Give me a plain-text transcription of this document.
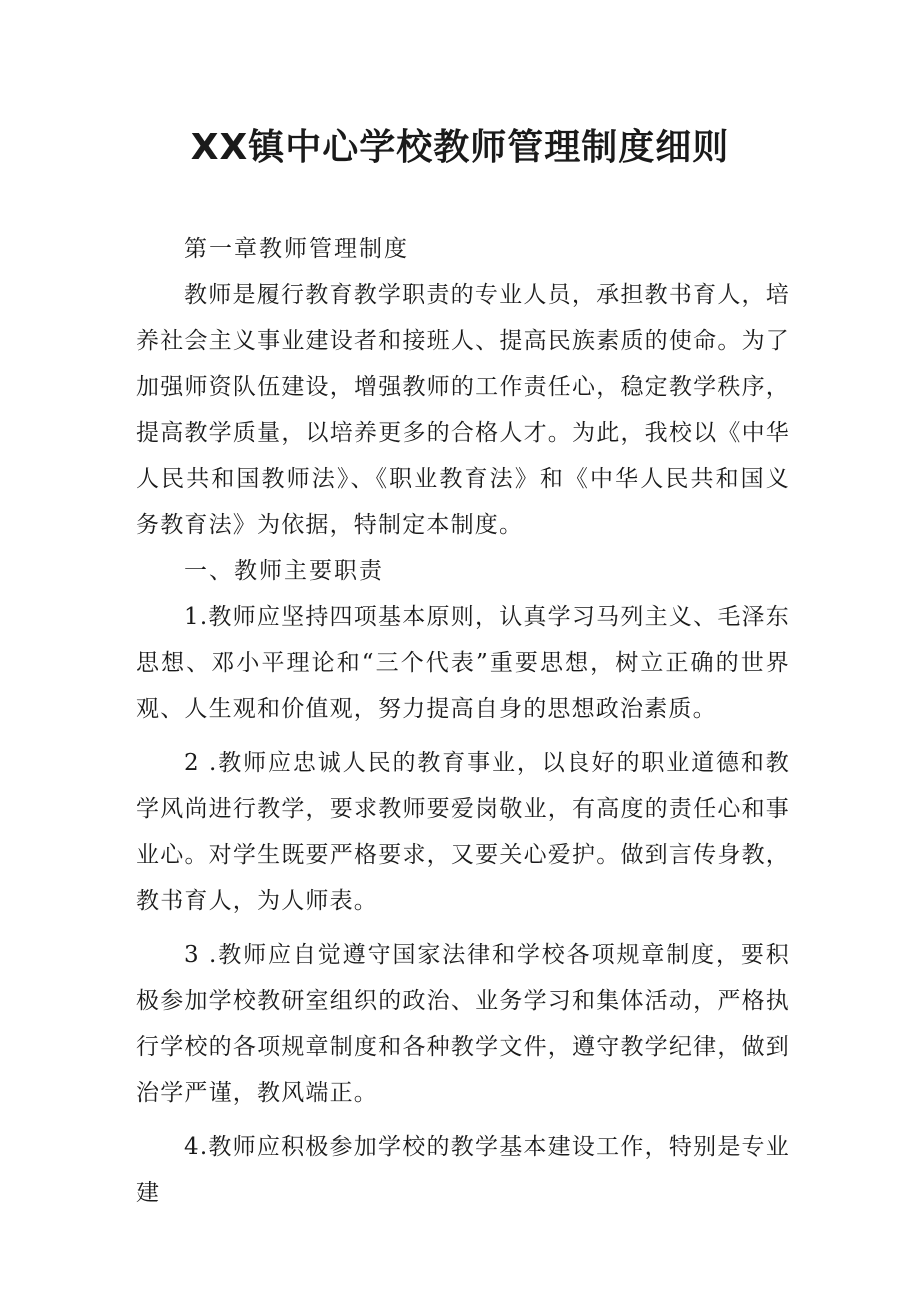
XX镇中心学校教师管理制度细则

第一章教师管理制度

教师是履行教育教学职责的专业人员，承担教书育人，培养社会主义事业建设者和接班人、提高民族素质的使命。为了加强师资队伍建设，增强教师的工作责任心，稳定教学秩序，提高教学质量，以培养更多的合格人才。为此，我校以《中华人民共和国教师法》、《职业教育法》和《中华人民共和国义务教育法》为依据，特制定本制度。

一、教师主要职责

1.教师应坚持四项基本原则，认真学习马列主义、毛泽东思想、邓小平理论和“三个代表”重要思想，树立正确的世界观、人生观和价值观，努力提高自身的思想政治素质。

2 .教师应忠诚人民的教育事业，以良好的职业道德和教学风尚进行教学，要求教师要爱岗敬业，有高度的责任心和事业心。对学生既要严格要求，又要关心爱护。做到言传身教，教书育人，为人师表。

3 .教师应自觉遵守国家法律和学校各项规章制度，要积极参加学校教研室组织的政治、业务学习和集体活动，严格执行学校的各项规章制度和各种教学文件，遵守教学纪律，做到治学严谨，教风端正。

4.教师应积极参加学校的教学基本建设工作，特别是专业建
